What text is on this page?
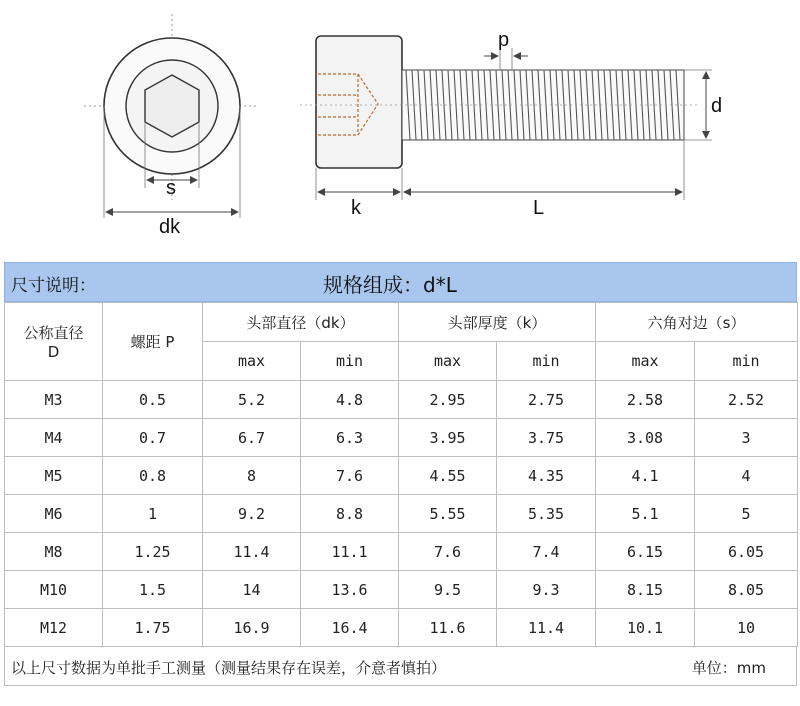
s
dk
p
d
k	L
尺寸说明：	规格组成：d*L
公称直径
D	螺距 P	头部直径（dk）		头部厚度（k）		六角对边（s）	
		max	min	max	min	max	min
M3	0.5	5.2	4.8	2.95	2.75	2.58	2.52
M4	0.7	6.7	6.3	3.95	3.75	3.08	3
M5	0.8	8	7.6	4.55	4.35	4.1	4
M6	1	9.2	8.8	5.55	5.35	5.1	5
M8	1.25	11.4	11.1	7.6	7.4	6.15	6.05
M10	1.5	14	13.6	9.5	9.3	8.15	8.05
M12	1.75	16.9	16.4	11.6	11.4	10.1	10
以上尺寸数据为单批手工测量（测量结果存在误差，介意者慎拍）	单位：mm
